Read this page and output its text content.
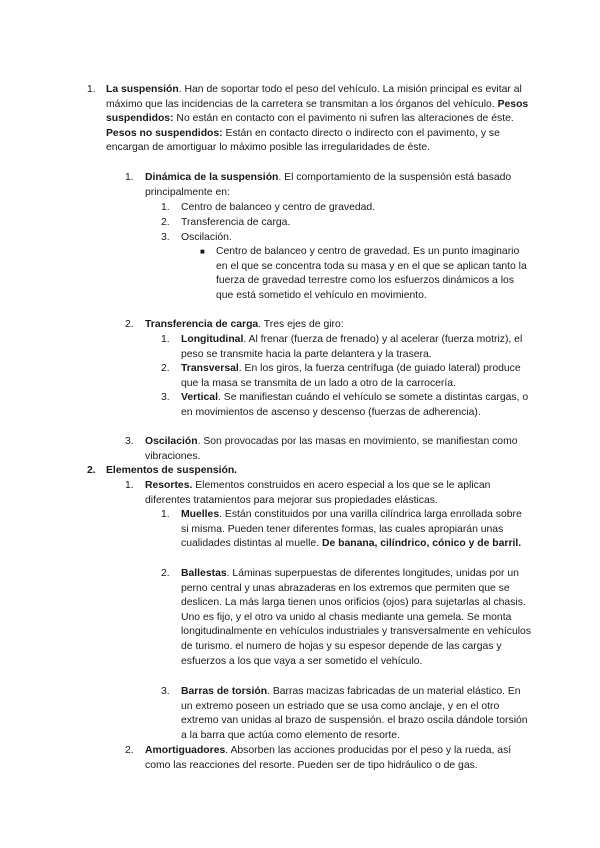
1. La suspensión. Han de soportar todo el peso del vehículo. La misión principal es evitar al máximo que las incidencias de la carretera se transmitan a los órganos del vehículo. Pesos suspendidos: No están en contacto con el pavimento ni sufren las alteraciones de éste. Pesos no suspendidos: Están en contacto directo o indirecto con el pavimento, y se encargan de amortiguar lo máximo posible las irregularidades de éste.
1. Dinámica de la suspensión. El comportamiento de la suspensión está basado principalmente en:
1. Centro de balanceo y centro de gravedad.
2. Transferencia de carga.
3. Oscilación.
■ Centro de balanceo y centro de gravedad. Es un punto imaginario en el que se concentra toda su masa y en el que se aplican tanto la fuerza de gravedad terrestre como los esfuerzos dinámicos a los que está sometido el vehículo en movimiento.
2. Transferencia de carga. Tres ejes de giro:
1. Longitudinal. Al frenar (fuerza de frenado) y al acelerar (fuerza motriz), el peso se transmite hacia la parte delantera y la trasera.
2. Transversal. En los giros, la fuerza centrífuga (de guiado lateral) produce que la masa se transmita de un lado a otro de la carrocería.
3. Vertical. Se manifiestan cuándo el vehículo se somete a distintas cargas, o en movimientos de ascenso y descenso (fuerzas de adherencia).
3. Oscilación. Son provocadas por las masas en movimiento, se manifiestan como vibraciones.
2. Elementos de suspensión.
1. Resortes. Elementos construidos en acero especial a los que se le aplican diferentes tratamientos para mejorar sus propiedades elásticas.
1. Muelles. Están constituidos por una varilla cilíndrica larga enrollada sobre si misma. Pueden tener diferentes formas, las cuales apropiarán unas cualidades distintas al muelle. De banana, cilíndrico, cónico y de barril.
2. Ballestas. Láminas superpuestas de diferentes longitudes, unidas por un perno central y unas abrazaderas en los extremos que permiten que se deslicen. La más larga tienen unos orificios (ojos) para sujetarlas al chasis. Uno es fijo, y el otro va unido al chasis mediante una gemela. Se monta longitudinalmente en vehículos industriales y transversalmente en vehículos de turismo. el numero de hojas y su espesor depende de las cargas y esfuerzos a los que vaya a ser sometido el vehículo.
3. Barras de torsión. Barras macizas fabricadas de un material elástico. En un extremo poseen un estriado que se usa como anclaje, y en el otro extremo van unidas al brazo de suspensión. el brazo oscila dándole torsión a la barra que actúa como elemento de resorte.
2. Amortiguadores. Absorben las acciones producidas por el peso y la rueda, así como las reacciones del resorte. Pueden ser de tipo hidráulico o de gas.
